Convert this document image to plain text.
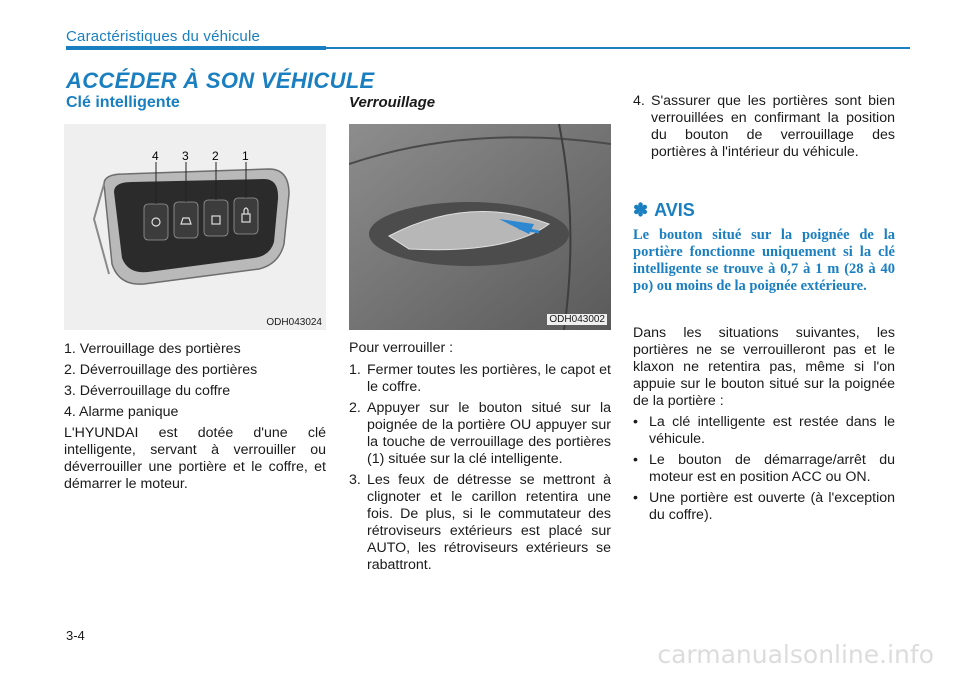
Caractéristiques du véhicule
ACCÉDER À SON VÉHICULE
Clé intelligente
4 3 2 1
ODH043024

1. Verrouillage des portières

2. Déverrouillage des portières

3. Déverrouillage du coffre

4. Alarme panique

L'HYUNDAI est dotée d'une clé intelligente, servant à verrouiller ou déverrouiller une portière et le coffre, et démarrer le moteur.

Verrouillage
ODH043002

Pour verrouiller :

1. Fermer toutes les portières, le capot et le coffre.
2. Appuyer sur le bouton situé sur la poignée de la portière OU appuyer sur la touche de verrouillage des portières (1) située sur la clé intelligente.
3. Les feux de détresse se mettront à clignoter et le carillon retentira une fois. De plus, si le commutateur des rétroviseurs extérieurs est placé sur AUTO, les rétroviseurs extérieurs se rabattront.
4. S'assurer que les portières sont bien verrouillées en confirmant la position du bouton de verrouillage des portières à l'intérieur du véhicule.
✽ AVIS

Le bouton situé sur la poignée de la portière fonctionne uniquement si la clé intelligente se trouve à 0,7 à 1 m (28 à 40 po) ou moins de la poignée extérieure.

Dans les situations suivantes, les portières ne se verrouilleront pas et le klaxon ne retentira pas, même si l'on appuie sur le bouton situé sur la poignée de la portière :

• La clé intelligente est restée dans le véhicule.
• Le bouton de démarrage/arrêt du moteur est en position ACC ou ON.
• Une portière est ouverte (à l'exception du coffre).
3-4
carmanualsonline.info
